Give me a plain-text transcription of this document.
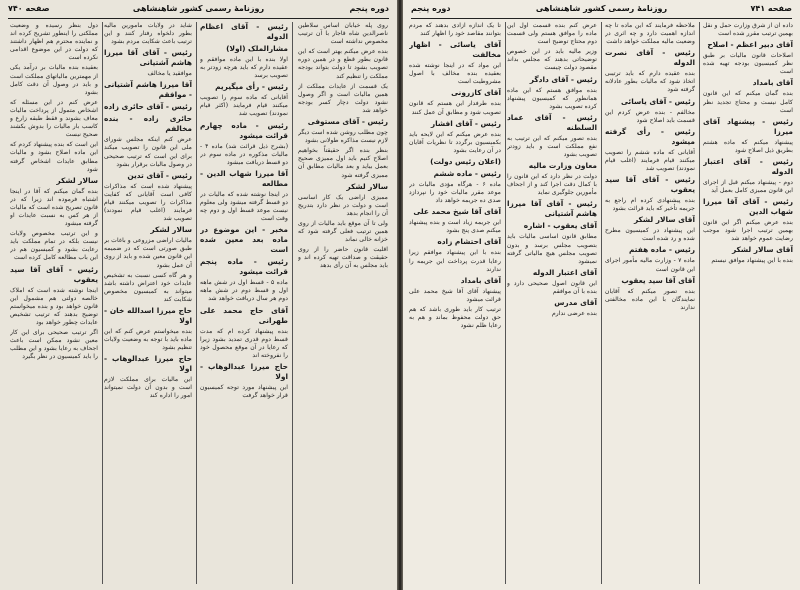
صفحه ۷۴۰	روزنامهٔ رسمی کشور شاهنشاهی	دوره پنجم

دول بنظر رسیده و وضعیت مملکتی را اینطور تشریح کرده اند و نماینده محترم هم اظهار داشتند که دولت در این موضوع اقدامی نکرده است

بعقیده بنده مالیات بر درآمد یکی از مهمترین مالیاتهای مملکت است و باید در وصول آن دقت کامل بشود

عرض کنم در این مسئله که اشخاص متمول از پرداخت مالیات معاف بشوند و فقط طبقه زارع و کاسب بار مالیات را بدوش بکشند صحیح نیست

این است که بنده پیشنهاد کردم که این ماده اصلاح بشود و مالیات مطابق عایدات اشخاص گرفته شود

سالار لشکر

بنده گمان میکنم که آقا در اینجا اشتباه فرموده اند زیرا که در قانون تصریح شده است که مالیات از هر کس به نسبت عایدات او گرفته میشود

و این ترتیب مخصوص ولایات نیست بلکه در تمام مملکت باید رعایت بشود و کمیسیون هم در این باب مطالعه کامل کرده است

رئیس - آقای آقا سید یعقوب

اینجا نوشته شده است که املاک خالصه دولتی هم مشمول این قانون خواهد بود و بنده میخواستم توضیح بدهند که ترتیب تشخیص عایدات چطور خواهد بود

اگر ترتیب صحیحی برای این کار معین نشود ممکن است باعث اجحاف به رعایا بشود و این مطلب را باید کمیسیون در نظر بگیرد

شاید در ولایات مأمورین مالیه بطور دلخواه رفتار کنند و این ترتیب باعث شکایت مردم بشود

رئیس - آقای آقا میرزا هاشم آشتیانی

موافقید یا مخالف

آقا میرزا هاشم آشتیانی - موافقم

رئیس - آقای حائری زاده

حائری زاده - بنده مخالفم

عرض کنم اینکه مجلس شورای ملی این قانون را تصویب میکند برای این است که ترتیب صحیحی در وصول مالیات برقرار بشود

رئیس - آقای تدین

پیشنهاد شده است که مذاکرات کافی است آقایانی که کفایت مذاکرات را تصویب میکنند قیام فرمایند (اغلب قیام نمودند) تصویب شد

سالار لشکر

مالیات اراضی مزروعی و باغات بر طبق صورتی است که در ضمیمه این قانون معین شده و باید از روی آن عمل بشود

و هر گاه کسی نسبت به تشخیص عایدات خود اعتراض داشته باشد میتواند به کمیسیون مخصوص شکایت کند

حاج میرزا اسدالله خان - اولا

بنده میخواستم عرض کنم که این ماده باید با توجه به وضعیت ولایات تنظیم بشود

حاج میرزا عبدالوهاب - اولا

این مالیات برای مملکت لازم است و بدون آن دولت نمیتواند امور را اداره کند

رئیس - آقای اعظام الدوله

مشارالملک (اولا)

اولا بنده با این ماده موافقم و عقیده دارم که باید هرچه زودتر به تصویب برسد

رئیس - رأی میگیریم

آقایانی که ماده سوم را تصویب میکنند قیام فرمایند (اکثر قیام نمودند) تصویب شد

رئیس - ماده چهارم قرائت میشود

(بشرح ذیل قرائت شد) ماده ۴ - مالیات مذکوره در ماده سوم در دو قسط دریافت میشود

آقا میرزا شهاب الدین - مطالعه

در اینجا نوشته شده که مالیات در دو قسط گرفته میشود ولی معلوم نیست موعد قسط اول و دوم چه وقت است

مخبر - این موضوع در ماده بعد معین شده است

رئیس - ماده پنجم قرائت میشود

ماده ۵ - قسط اول در شش ماهه اول و قسط دوم در شش ماهه دوم هر سال دریافت خواهد شد

آقای حاج محمد علی طهرانی

بنده پیشنهاد کرده ام که مدت قسط دوم قدری تمدید بشود زیرا که رعایا در آن موقع محصول خود را نفروخته اند

حاج میرزا عبدالوهاب - اولا

این پیشنهاد مورد توجه کمیسیون قرار خواهد گرفت

روی پله خیابان اساس سلاطین ناصرالدین شاه قاجار با آن ترتیب مخصوص نداشته است

بنده عرض میکنم بهتر است که این قانون بطور قطع و در همین دوره تصویب بشود تا دولت بتواند بودجه مملکت را تنظیم کند

یک قسمت از عایدات مملکت از همین مالیات است و اگر وصول نشود دولت دچار کسر بودجه خواهد شد

رئیس - آقای مستوفی

چون مطلب روشن شده است دیگر لازم نیست مذاکره طولانی بشود

بنظر بنده اگر حقیقتاً بخواهیم اصلاح کنیم باید اول ممیزی صحیح بعمل بیاید و بعد مالیات مطابق آن ممیزی گرفته شود

سالار لشکر

ممیزی اراضی یک کار اساسی است و دولت در نظر دارد بتدریج آن را انجام بدهد

ولی تا آن موقع باید مالیات از روی همین ترتیب فعلی گرفته شود که خزانه خالی نماند

اقلیت قانون حاضر را از روی حقیقت و صداقت تهیه کرده اند و باید مجلس به آن رأی بدهد

صفحه ۷۴۱
روزنامهٔ رسمی کشور شاهنشاهی
دوره پنجم

تا یک اندازه آزادی بدهند که مردم بتوانند مقاصد خود را اظهار کنند

آقای یاسائی - اظهار مخالفت

این مواد که در اینجا نوشته شده بعقیده بنده مخالف با اصول مشروطیت است

آقای کازرونی

بنده طرفدار این هستم که قانون تصویب شود و مطابق آن عمل کنند

رئیس - آقای افشار

بنده عرض میکنم که این لایحه باید بکمیسیون برگردد تا نظریات آقایان در آن رعایت بشود

(اعلان رئیس دولت)

رئیس - ماده ششم

ماده ۶ - هرگاه مؤدی مالیات در موعد مقرر مالیات خود را نپردازد صدی ده جریمه خواهد داد

آقای آقا شیخ محمد علی

این جریمه زیاد است و بنده پیشنهاد میکنم صدی پنج بشود

آقای احتشام زاده

بنده با این پیشنهاد موافقم زیرا رعایا قدرت پرداخت این جریمه را ندارند

آقای بامداد

پیشنهاد آقای آقا شیخ محمد علی قرائت میشود

ترتیب کار باید طوری باشد که هم حق دولت محفوظ بماند و هم به رعایا ظلم نشود

عرض کنم بنده قسمت اول این ماده را موافق هستم ولی قسمت دوم محتاج توضیح است

وزیر مالیه باید در این خصوص توضیحاتی بدهند که مجلس بداند مقصود دولت چیست

رئیس - آقای دادگر

بنده موافق هستم که این ماده همانطور که کمیسیون پیشنهاد کرده تصویب بشود

رئیس - آقای عماد السلطنه

بنده تصور میکنم که این ترتیب به نفع مملکت است و باید زودتر تصویب بشود

معاون وزارت مالیه

دولت در نظر دارد که این قانون را با کمال دقت اجرا کند و از اجحاف مأمورین جلوگیری نماید

رئیس - آقای آقا میرزا هاشم آشتیانی

آقای یعقوب - اشاره

مطابق قانون اساسی مالیات باید بتصویب مجلس برسد و بدون تصویب مجلس هیچ مالیاتی گرفته نمیشود

آقای اعتبار الدوله

این قانون اصول صحیحی دارد و بنده با آن موافقم

آقای مدرس

بنده عرضی ندارم

ملاحظه فرمایند که این ماده تا چه اندازه اهمیت دارد و چه اثری در وضعیت مالیه مملکت خواهد داشت

رئیس - آقای نصرت الدوله

بنده عقیده دارم که باید ترتیبی اتخاذ شود که مالیات بطور عادلانه گرفته شود

رئیس - آقای یاسائی

مخالفم - بنده عرض کردم این قسمت باید اصلاح شود

رئیس - رأی گرفته میشود

آقایانی که ماده ششم را تصویب میکنند قیام فرمایند (اغلب قیام نمودند) تصویب شد

رئیس - آقای آقا سید یعقوب

بنده پیشنهادی کرده ام راجع به جریمه تأخیر که باید قرائت بشود

آقای سالار لشکر

این پیشنهاد در کمیسیون مطرح شده و رد شده است

رئیس - ماده هفتم

ماده ۷ - وزارت مالیه مأمور اجرای این قانون است

آقای آقا سید یعقوب

بنده تصور میکنم که آقایان نمایندگان با این ماده مخالفتی ندارند

داده ان از شرق وزارت حمل و نقل بهمین ترتیب مقرر شده است

آقای دبیر اعظم - اصلاح

اصلاحات قانون مالیات بر طبق نظر کمیسیون بودجه تهیه شده است

آقای بامداد

بنده گمان میکنم که این قانون کامل نیست و محتاج تجدید نظر است

رئیس - پیشنهاد آقای میرزا

پیشنهاد میکنم که ماده هشتم بطریق ذیل اصلاح شود

رئیس - آقای اعتبار الدوله

دوم - پیشنهاد میکنم قبل از اجرای این قانون ممیزی کامل بعمل آید

رئیس - آقای آقا میرزا شهاب الدین

بنده عرض میکنم اگر این قانون بهمین ترتیب اجرا شود موجب رضایت عموم خواهد شد

آقای سالار لشکر

بنده با این پیشنهاد موافق نیستم
